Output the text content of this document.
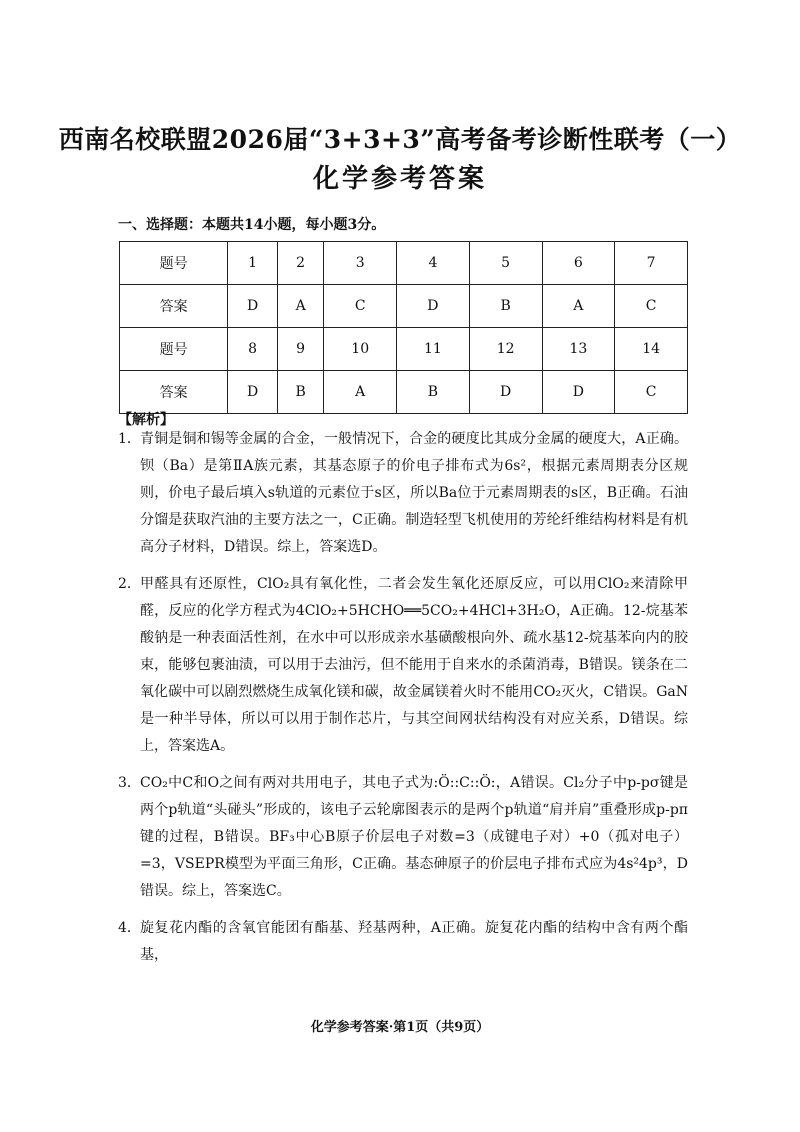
西南名校联盟2026届“3+3+3”高考备考诊断性联考（一）
化学参考答案
一、选择题：本题共14小题，每小题3分。
题号	1	2	3	4	5	6	7
答案	D	A	C	D	B	A	C
题号	8	9	10	11	12	13	14
答案	D	B	A	B	D	D	C
【解析】
1． 青铜是铜和锡等金属的合金，一般情况下，合金的硬度比其成分金属的硬度大，A正确。钡（Ba）是第ⅡA族元素，其基态原子的价电子排布式为6s²，根据元素周期表分区规则，价电子最后填入s轨道的元素位于s区，所以Ba位于元素周期表的s区，B正确。石油分馏是获取汽油的主要方法之一，C正确。制造轻型飞机使用的芳纶纤维结构材料是有机高分子材料，D错误。综上，答案选D。
2． 甲醛具有还原性，ClO₂具有氧化性，二者会发生氧化还原反应，可以用ClO₂来清除甲醛，反应的化学方程式为4ClO₂+5HCHO══5CO₂+4HCl+3H₂O，A正确。12-烷基苯酸钠是一种表面活性剂，在水中可以形成亲水基磺酸根向外、疏水基12-烷基苯向内的胶束，能够包裹油渍，可以用于去油污，但不能用于自来水的杀菌消毒，B错误。镁条在二氧化碳中可以剧烈燃烧生成氧化镁和碳，故金属镁着火时不能用CO₂灭火，C错误。GaN是一种半导体，所以可以用于制作芯片，与其空间网状结构没有对应关系，D错误。综上，答案选A。
3． CO₂中C和O之间有两对共用电子，其电子式为:Ö::C::Ö:，A错误。Cl₂分子中p-pσ键是两个p轨道“头碰头”形成的，该电子云轮廓图表示的是两个p轨道“肩并肩”重叠形成p-pπ键的过程，B错误。BF₃中心B原子价层电子对数=3（成键电子对）+0（孤对电子）=3，VSEPR模型为平面三角形，C正确。基态砷原子的价层电子排布式应为4s²4p³，D错误。综上，答案选C。
4． 旋复花内酯的含氧官能团有酯基、羟基两种，A正确。旋复花内酯的结构中含有两个酯基，
化学参考答案·第1页（共9页）
